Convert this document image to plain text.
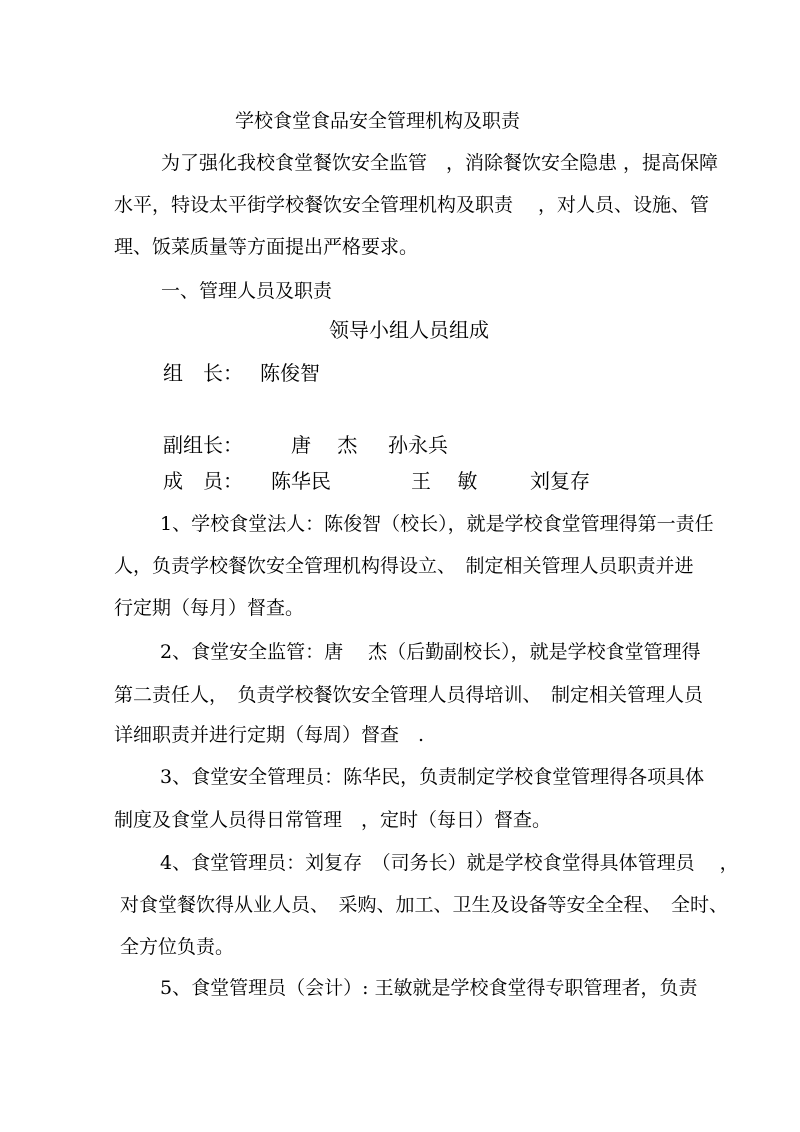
学校食堂食品安全管理机构及职责
为了强化我校食堂餐饮安全监管　，消除餐饮安全隐患 ，提高保障
水平，特设太平街学校餐饮安全管理机构及职责　 ，对人员、设施、管
理、饭菜质量等方面提出严格要求。
一、管理人员及职责
领导小组人员组成
组　长： 陈俊智
副组长： 唐　 杰 孙永兵
成　员： 陈华民	王　 敏	刘复存
1、学校食堂法人：陈俊智（校长），就是学校食堂管理得第一责任
人，负责学校餐饮安全管理机构得设立、　制定相关管理人员职责并进
行定期（每月）督查。
2、食堂安全监管：唐　 杰（后勤副校长），就是学校食堂管理得
第二责任人，　负责学校餐饮安全管理人员得培训、　制定相关管理人员
详细职责并进行定期（每周）督查　.
3、食堂安全管理员：陈华民，负责制定学校食堂管理得各项具体
制度及食堂人员得日常管理　，定时（每日）督查。
4、食堂管理员：刘复存　（司务长）就是学校食堂得具体管理员　 ，
对食堂餐饮得从业人员、　采购、加工、卫生及设备等安全全程、　全时、
全方位负责。
5、食堂管理员（会计）: 王敏就是学校食堂得专职管理者，负责
